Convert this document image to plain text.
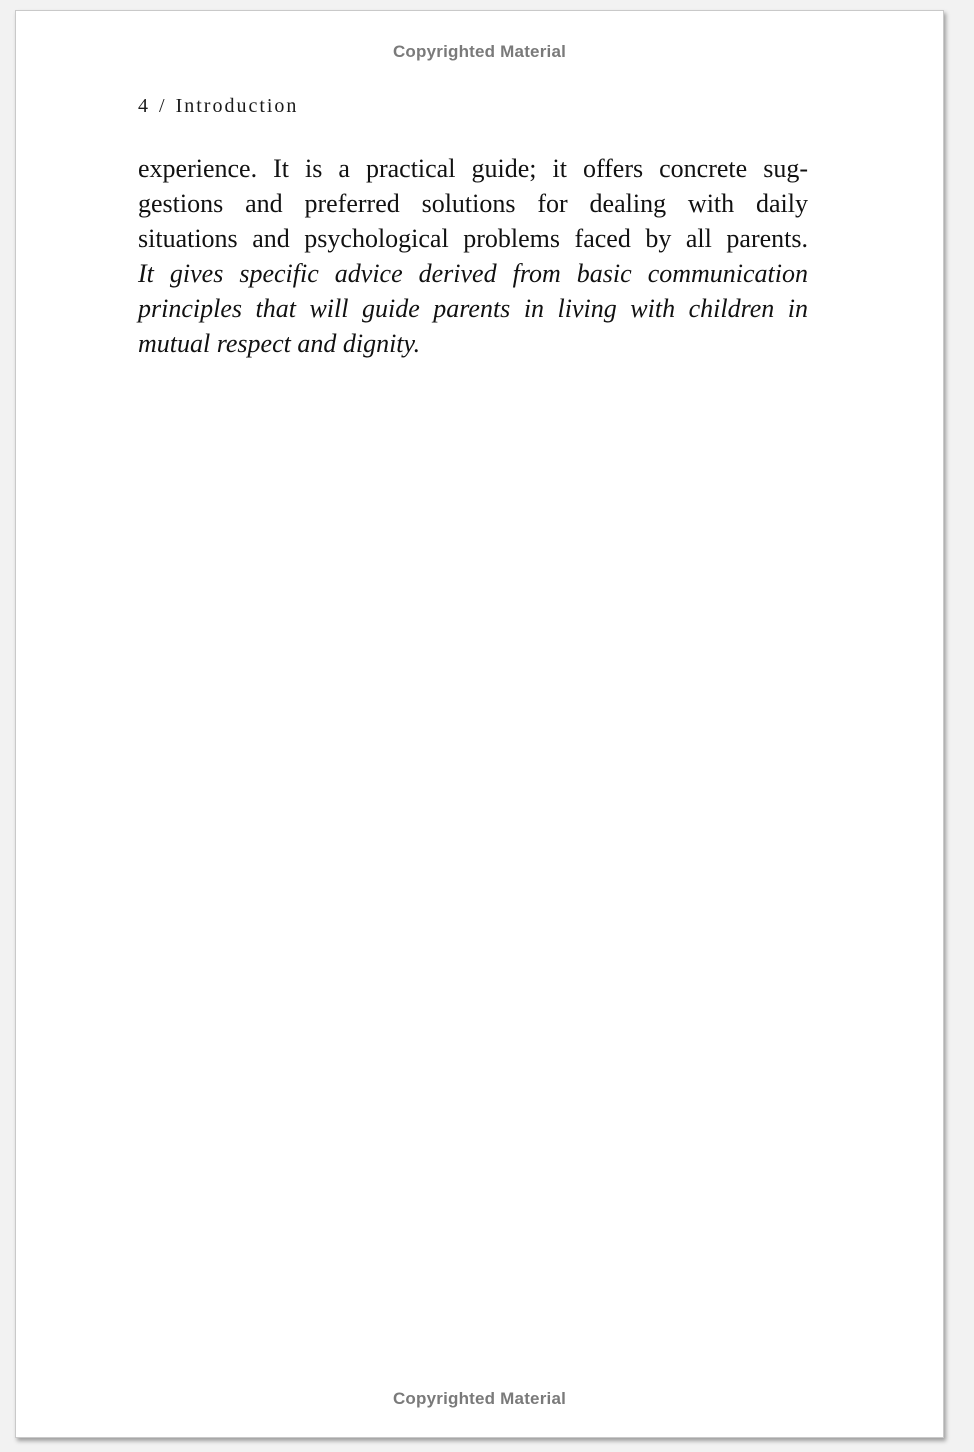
Copyrighted Material
4 / Introduction
experience. It is a practical guide; it offers concrete sug-
gestions and preferred solutions for dealing with daily
situations and psychological problems faced by all parents.
It gives specific advice derived from basic communication
principles that will guide parents in living with children in
mutual respect and dignity.
Copyrighted Material
